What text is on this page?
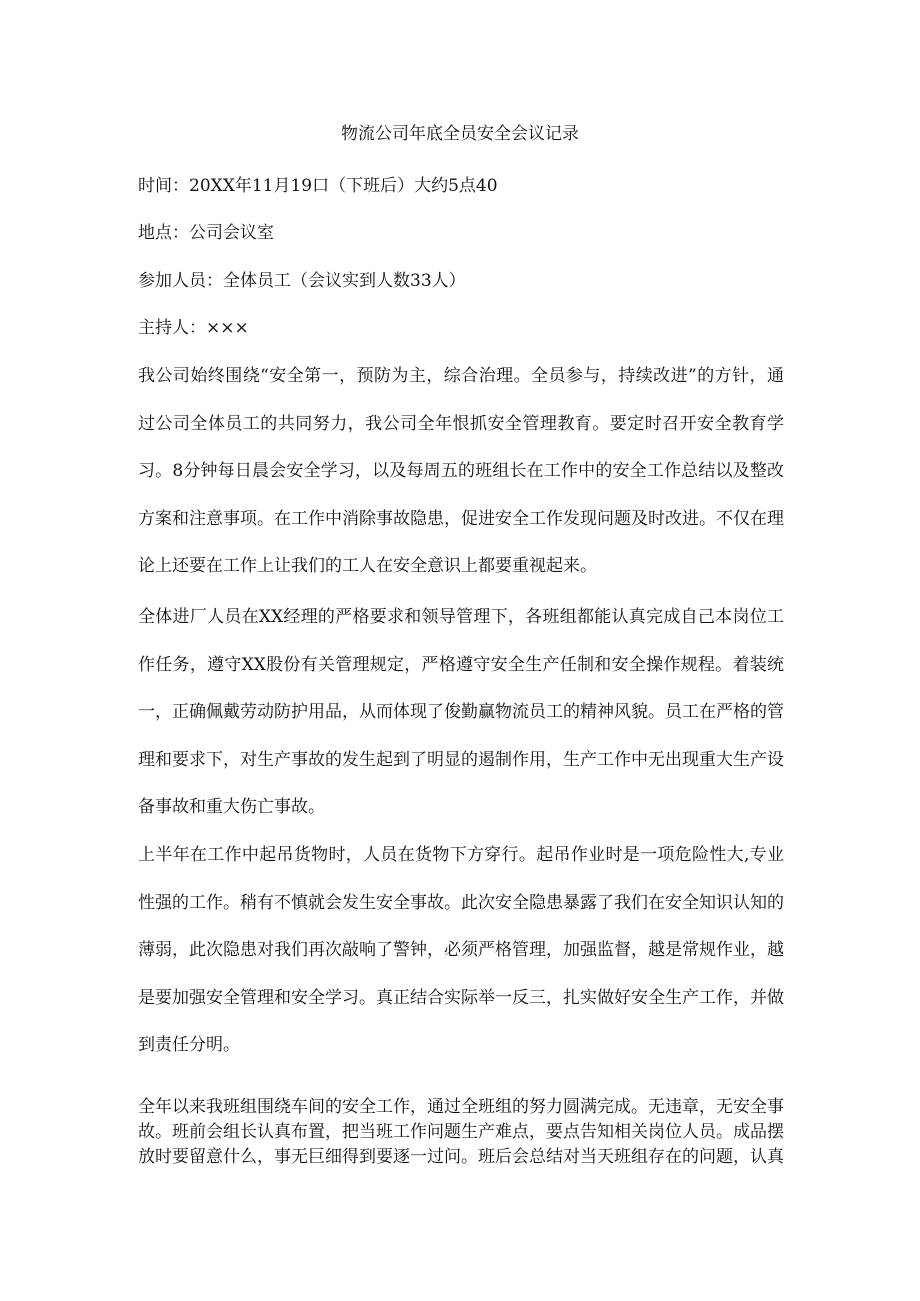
物流公司年底全员安全会议记录

时间：20XX年11月19口（下班后）大约5点40

地点：公司会议室

参加人员：全体员工（会议实到人数33人）

主持人：×××

我公司始终围绕“安全第一，预防为主，综合治理。全员参与，持续改进”的方针，通过公司全体员工的共同努力，我公司全年恨抓安全管理教育。要定时召开安全教育学习。8分钟每日晨会安全学习，以及每周五的班组长在工作中的安全工作总结以及整改方案和注意事项。在工作中消除事故隐患，促进安全工作发现问题及时改进。不仅在理论上还要在工作上让我们的工人在安全意识上都要重视起来。

全体进厂人员在XX经理的严格要求和领导管理下，各班组都能认真完成自己本岗位工作任务，遵守XX股份有关管理规定，严格遵守安全生产任制和安全操作规程。着装统一，正确佩戴劳动防护用品，从而体现了俊勤赢物流员工的精神风貌。员工在严格的管理和要求下，对生产事故的发生起到了明显的遏制作用，生产工作中无出现重大生产设备事故和重大伤亡事故。

上半年在工作中起吊货物时，人员在货物下方穿行。起吊作业时是一项危险性大,专业性强的工作。稍有不慎就会发生安全事故。此次安全隐患暴露了我们在安全知识认知的薄弱，此次隐患对我们再次敲响了警钟，必须严格管理，加强监督，越是常规作业，越是要加强安全管理和安全学习。真正结合实际举一反三，扎实做好安全生产工作，并做到责任分明。

全年以来我班组围绕车间的安全工作，通过全班组的努力圆满完成。无违章，无安全事故。班前会组长认真布置，把当班工作问题生产难点，要点告知相关岗位人员。成品摆放时要留意什么，事无巨细得到要逐一过问。班后会总结对当天班组存在的问题，认真
